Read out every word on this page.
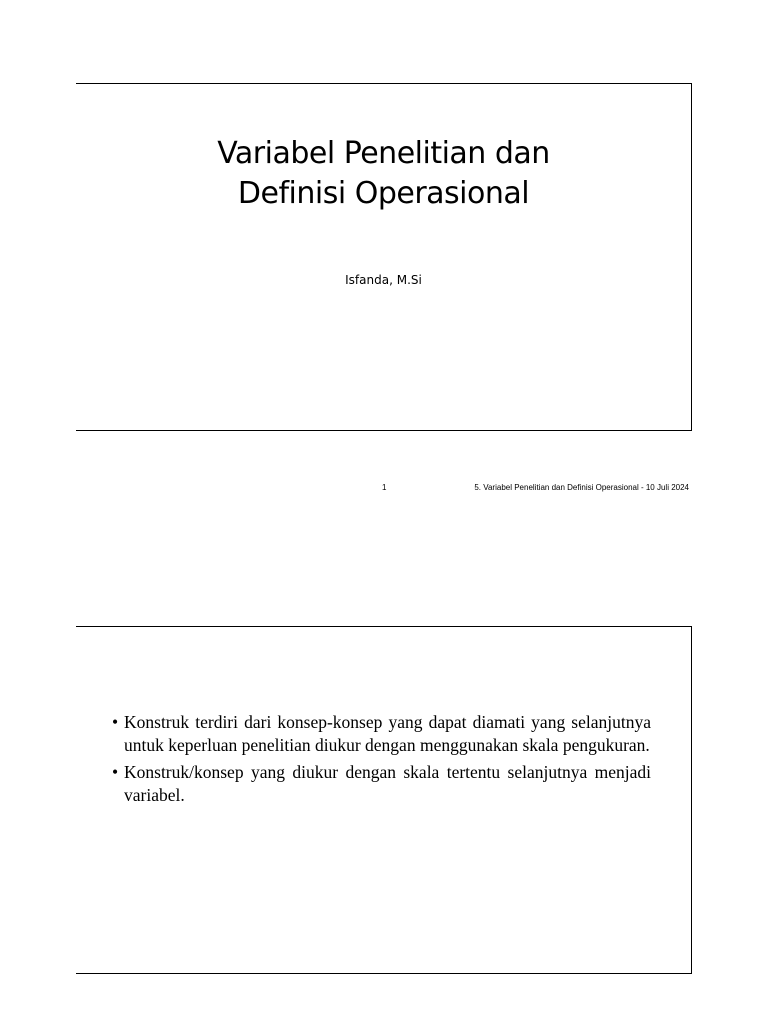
Variabel Penelitian dan
Definisi Operasional
Isfanda, M.Si
1	5. Variabel Penelitian dan Definisi Operasional - 10 Juli 2024
• Konstruk terdiri dari konsep-konsep yang dapat diamati yang selanjutnya untuk keperluan penelitian diukur dengan menggunakan skala pengukuran.
• Konstruk/konsep yang diukur dengan skala tertentu selanjutnya menjadi variabel.
